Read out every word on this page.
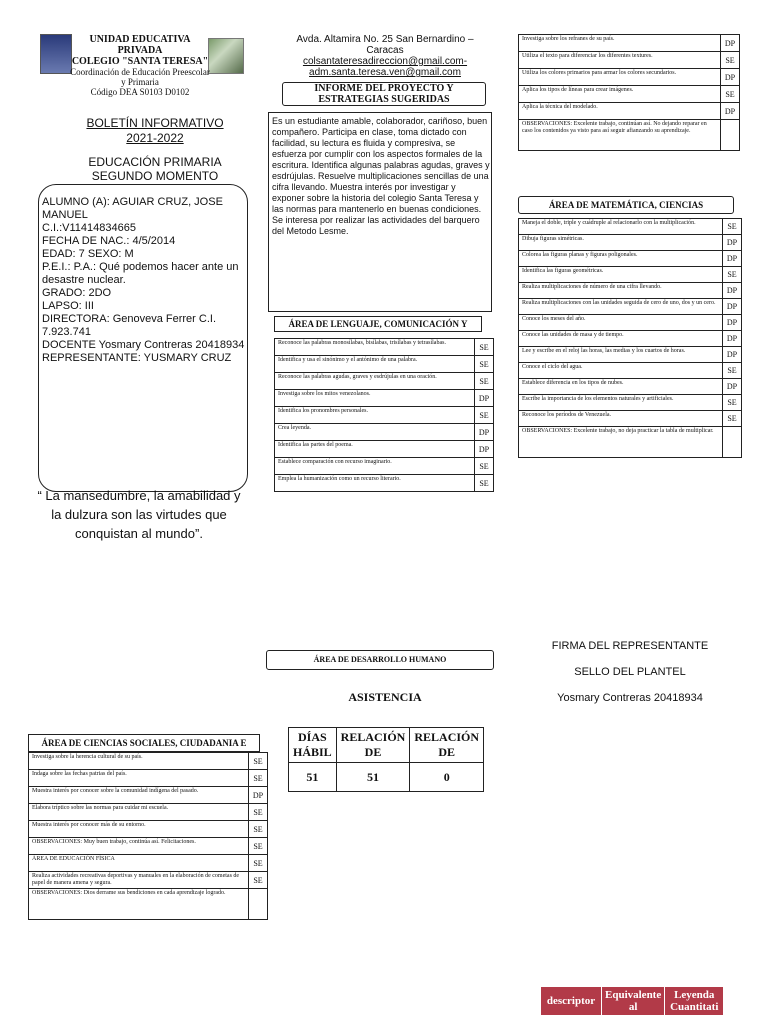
UNIDAD EDUCATIVA PRIVADA
COLEGIO "SANTA TERESA"
Coordinación de Educación Preescolar y Primaria
Código DEA S0103 D0102
BOLETÍN INFORMATIVO
2021-2022
EDUCACIÓN PRIMARIA
SEGUNDO MOMENTO
ALUMNO (A): AGUIAR CRUZ, JOSE MANUEL
C.I.:V11414834665
FECHA DE NAC.: 4/5/2014
EDAD: 7 SEXO: M
P.E.I.: P.A.: Qué podemos hacer ante un desastre nuclear.
GRADO: 2DO
LAPSO: III
DIRECTORA: Genoveva Ferrer C.I. 7.923.741
DOCENTE Yosmary Contreras 20418934
REPRESENTANTE: YUSMARY CRUZ
“ La mansedumbre, la amabilidad y la dulzura son las virtudes que conquistan al mundo”.
Avda. Altamira No. 25 San Bernardino – Caracas
colsantateresadireccion@gmail.com-
adm.santa.teresa.ven@gmail.com
INFORME DEL PROYECTO Y ESTRATEGIAS SUGERIDAS
Es un estudiante amable, colaborador, cariñoso, buen compañero. Participa en clase, toma dictado con facilidad, su lectura es fluida y compresiva, se esfuerza por cumplir con los aspectos formales de la escritura. Identifica algunas palabras agudas, graves y esdrújulas. Resuelve multiplicaciones sencillas de una cifra llevando. Muestra interés por investigar y exponer sobre la historia del colegio Santa Teresa y las normas para mantenerlo en buenas condiciones. Se interesa por realizar las actividades del barquero del Metodo Lesme.
ÁREA DE LENGUAJE, COMUNICACIÓN Y
Reconoce las palabras monosílabas, bisílabas, trisílabas y tetrasílabas.	SE
Identifica y usa el sinónimo y el antónimo de una palabra.	SE
Reconoce las palabras agudas, graves y esdrújulas en una oración.	SE
Investiga sobre los mitos venezolanos.	DP
Identifica los pronombres personales.	SE
Crea leyenda.	DP
Identifica las partes del poema.	DP
Establece comparación con recurso imaginario.	SE
Emplea la humanización como un recurso literario.	SE
Investiga sobre los refranes de su país.	DP
Utiliza el texto para diferenciar los diferentes textures.	SE
Utiliza los colores primarios para armar los colores secundarios.	DP
Aplica los tipos de líneas para crear imágenes.	SE
Aplica la técnica del modelado.	DP
OBSERVACIONES: Excelente trabajo, continúan así. No dejando reparar en caso los contenidos ya visto para así seguir afianzando su aprendizaje.	
ÁREA DE MATEMÁTICA, CIENCIAS
Maneja el doble, triple y cuádruple al relacionarlo con la multiplicación.	SE
Dibuja figuras simétricas.	DP
Colorea las figuras planas y figuras poligonales.	DP
Identifica las figuras geométricas.	SE
Realiza multiplicaciones de número de una cifra llevando.	DP
Realiza multiplicaciones con las unidades seguida de cero de uno, dos y un cero.	DP
Conoce los meses del año.	DP
Conoce las unidades de masa y de tiempo.	DP
Lee y escribe en el reloj las horas, las medias y los cuartos de horas.	DP
Conoce el ciclo del agua.	SE
Establece diferencia en los tipos de nubes.	DP
Escribe la importancia de los elementos naturales y artificiales.	SE
Reconoce los períodos de Venezuela.	SE
OBSERVACIONES: Excelente trabajo, no deja practicar la tabla de multiplicar.	
ÁREA DE DESARROLLO HUMANO
ASISTENCIA
DÍAS HÁBIL	RELACIÓN DE	RELACIÓN DE
51	51	0
FIRMA DEL REPRESENTANTE
SELLO DEL PLANTEL
Yosmary Contreras 20418934
ÁREA DE CIENCIAS SOCIALES, CIUDADANIA E
Investiga sobre la herencia cultural de su país.	SE
Indaga sobre las fechas patrias del país.	SE
Muestra interés por conocer sobre la comunidad indígena del pasado.	DP
Elabora tríptico sobre las normas para cuidar mi escuela.	SE
Muestra interés por conocer más de su entorno.	SE
OBSERVACIONES: Muy buen trabajo, continúa así. Felicitaciones.	SE
ÁREA DE EDUCACIÓN FÍSICA	SE
Realiza actividades recreativas deportivas y manuales en la elaboración de cometas de papel de manera amena y segura.	SE
OBSERVACIONES: Dios derrame sus bendiciones en cada aprendizaje logrado.	
descriptor	Equivalente al	Leyenda Cuantitati
